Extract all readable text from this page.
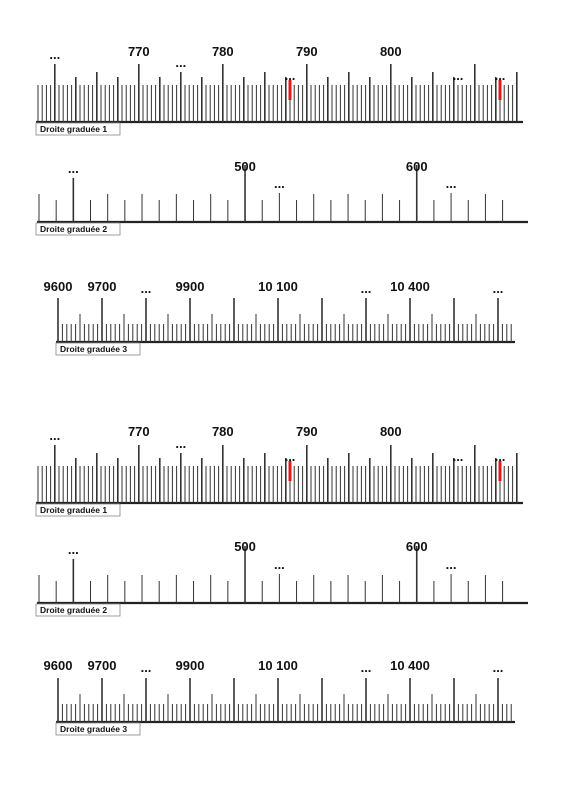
...	770
...
780
...
790	800
... ...
Droite graduée 1
...	500
...
600
...
Droite graduée 2
9600 9700 ... 9900	10 100	... 10 400	...
Droite graduée 3
...	770
...
780
...
790	800
... ...
Droite graduée 1
...	500
...
600
...
Droite graduée 2
9600 9700 ... 9900	10 100	... 10 400	...
Droite graduée 3
